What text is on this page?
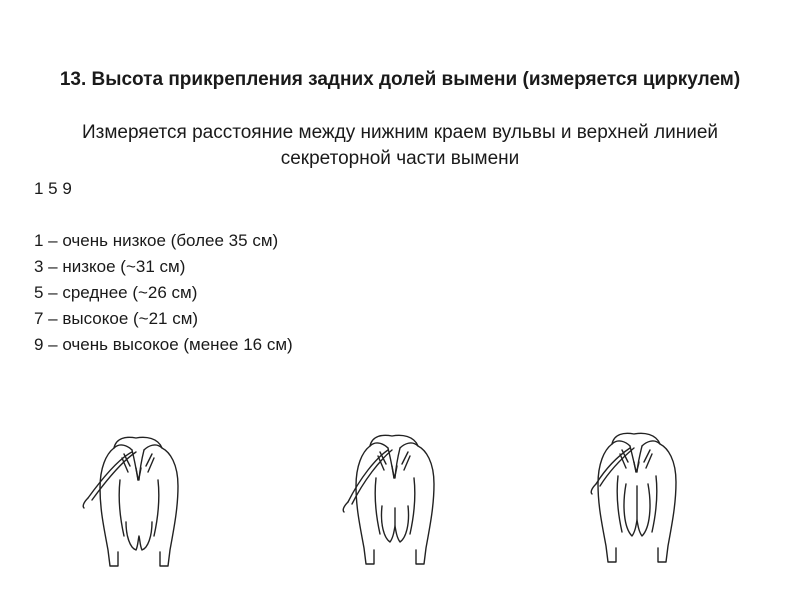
13. Высота прикрепления задних долей вымени (измеряется циркулем)
Измеряется расстояние между нижним краем вульвы и верхней линией секреторной части вымени
1 5 9
1 – очень низкое (более 35 см)
3 – низкое (~31 см)
5 – среднее (~26 см)
7 – высокое (~21 см)
9 – очень высокое (менее 16 см)
